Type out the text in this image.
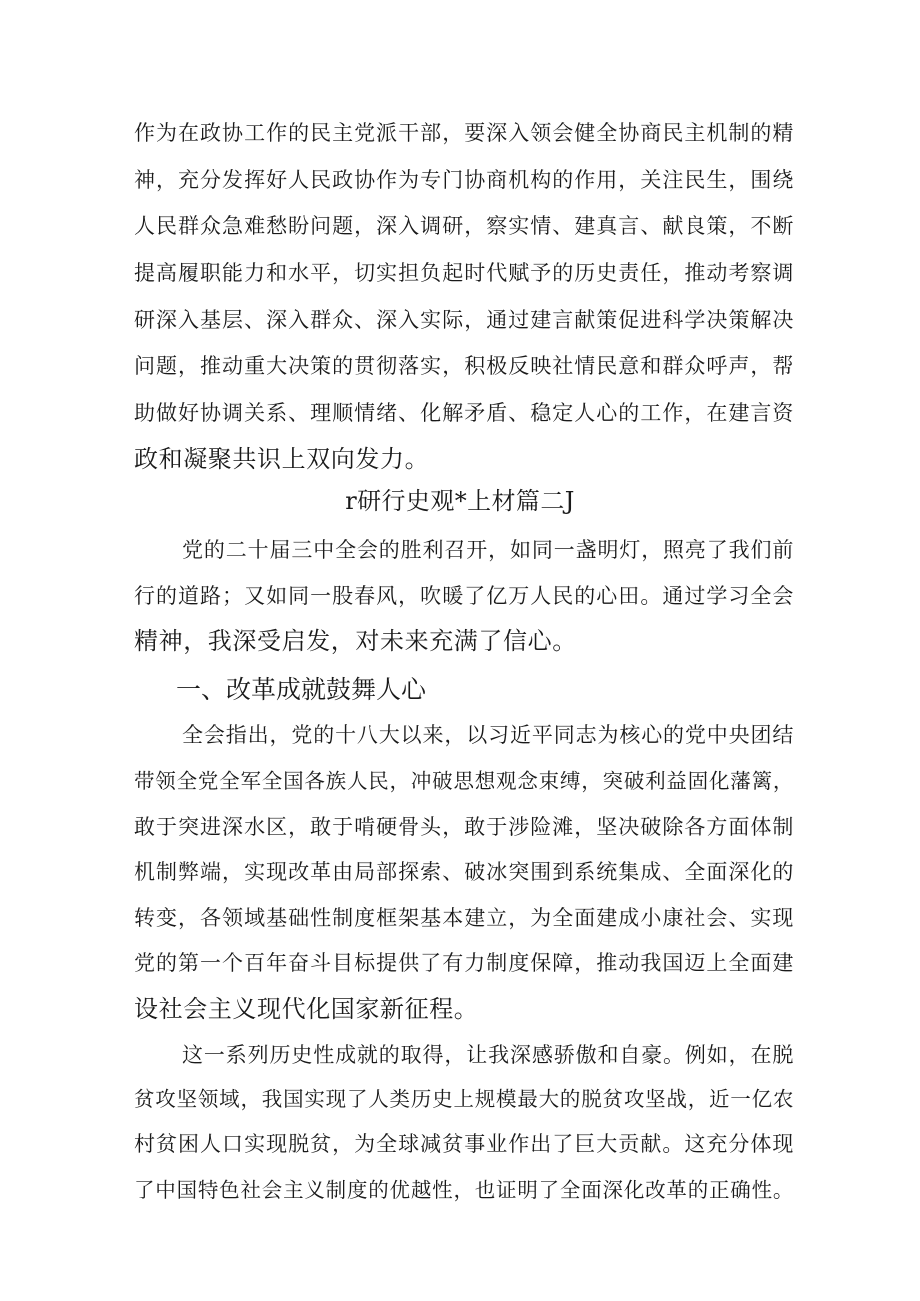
作为在政协工作的民主党派干部，要深入领会健全协商民主机制的精
神，充分发挥好人民政协作为专门协商机构的作用，关注民生，围绕
人民群众急难愁盼问题，深入调研，察实情、建真言、献良策，不断
提高履职能力和水平，切实担负起时代赋予的历史责任，推动考察调
研深入基层、深入群众、深入实际，通过建言献策促进科学决策解决
问题，推动重大决策的贯彻落实，积极反映社情民意和群众呼声，帮
助做好协调关系、理顺情绪、化解矛盾、稳定人心的工作，在建言资
政和凝聚共识上双向发力。
r研行史观*上材篇二J
党的二十届三中全会的胜利召开，如同一盏明灯，照亮了我们前
行的道路；又如同一股春风，吹暖了亿万人民的心田。通过学习全会
精神，我深受启发，对未来充满了信心。
一、改革成就鼓舞人心
全会指出，党的十八大以来，以习近平同志为核心的党中央团结
带领全党全军全国各族人民，冲破思想观念束缚，突破利益固化藩篱，
敢于突进深水区，敢于啃硬骨头，敢于涉险滩，坚决破除各方面体制
机制弊端，实现改革由局部探索、破冰突围到系统集成、全面深化的
转变，各领域基础性制度框架基本建立，为全面建成小康社会、实现
党的第一个百年奋斗目标提供了有力制度保障，推动我国迈上全面建
设社会主义现代化国家新征程。
这一系列历史性成就的取得，让我深感骄傲和自豪。例如，在脱
贫攻坚领域，我国实现了人类历史上规模最大的脱贫攻坚战，近一亿农
村贫困人口实现脱贫，为全球减贫事业作出了巨大贡献。这充分体现
了中国特色社会主义制度的优越性，也证明了全面深化改革的正确性。
